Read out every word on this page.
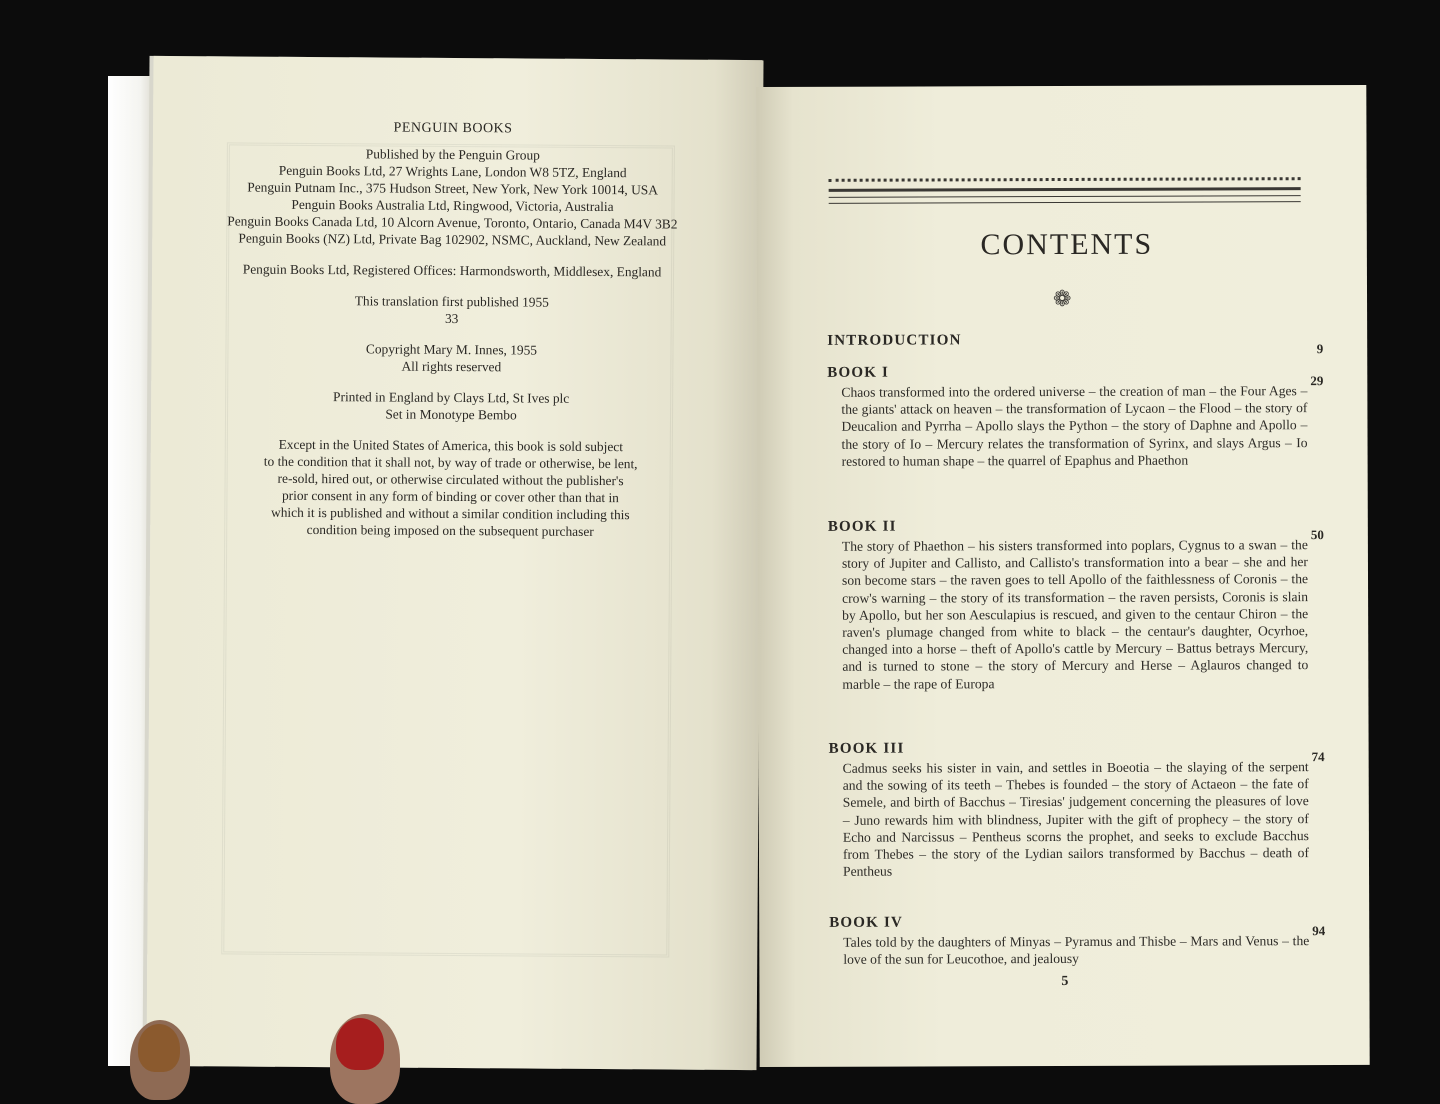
PENGUIN BOOKS
Published by the Penguin Group
Penguin Books Ltd, 27 Wrights Lane, London W8 5TZ, England
Penguin Putnam Inc., 375 Hudson Street, New York, New York 10014, USA
Penguin Books Australia Ltd, Ringwood, Victoria, Australia
Penguin Books Canada Ltd, 10 Alcorn Avenue, Toronto, Ontario, Canada M4V 3B2
Penguin Books (NZ) Ltd, Private Bag 102902, NSMC, Auckland, New Zealand
Penguin Books Ltd, Registered Offices: Harmondsworth, Middlesex, England
This translation first published 1955
33
Copyright Mary M. Innes, 1955
All rights reserved
Printed in England by Clays Ltd, St Ives plc
Set in Monotype Bembo
Except in the United States of America, this book is sold subject
to the condition that it shall not, by way of trade or otherwise, be lent,
re-sold, hired out, or otherwise circulated without the publisher's
prior consent in any form of binding or cover other than that in
which it is published and without a similar condition including this
condition being imposed on the subsequent purchaser
CONTENTS
❁
INTRODUCTION	9
BOOK I	29
Chaos transformed into the ordered universe – the creation of man – the Four Ages – the giants' attack on heaven – the transformation of Lycaon – the Flood – the story of Deucalion and Pyrrha – Apollo slays the Python – the story of Daphne and Apollo – the story of Io – Mercury relates the transformation of Syrinx, and slays Argus – Io restored to human shape – the quarrel of Epaphus and Phaethon
BOOK II	50
The story of Phaethon – his sisters transformed into poplars, Cygnus to a swan – the story of Jupiter and Callisto, and Callisto's transformation into a bear – she and her son become stars – the raven goes to tell Apollo of the faithlessness of Coronis – the crow's warning – the story of its transformation – the raven persists, Coronis is slain by Apollo, but her son Aesculapius is rescued, and given to the centaur Chiron – the raven's plumage changed from white to black – the centaur's daughter, Ocyrhoe, changed into a horse – theft of Apollo's cattle by Mercury – Battus betrays Mercury, and is turned to stone – the story of Mercury and Herse – Aglauros changed to marble – the rape of Europa
BOOK III	74
Cadmus seeks his sister in vain, and settles in Boeotia – the slaying of the serpent and the sowing of its teeth – Thebes is founded – the story of Actaeon – the fate of Semele, and birth of Bacchus – Tiresias' judgement concerning the pleasures of love – Juno rewards him with blindness, Jupiter with the gift of prophecy – the story of Echo and Narcissus – Pentheus scorns the prophet, and seeks to exclude Bacchus from Thebes – the story of the Lydian sailors transformed by Bacchus – death of Pentheus
BOOK IV	94
Tales told by the daughters of Minyas – Pyramus and Thisbe – Mars and Venus – the love of the sun for Leucothoe, and jealousy
5
